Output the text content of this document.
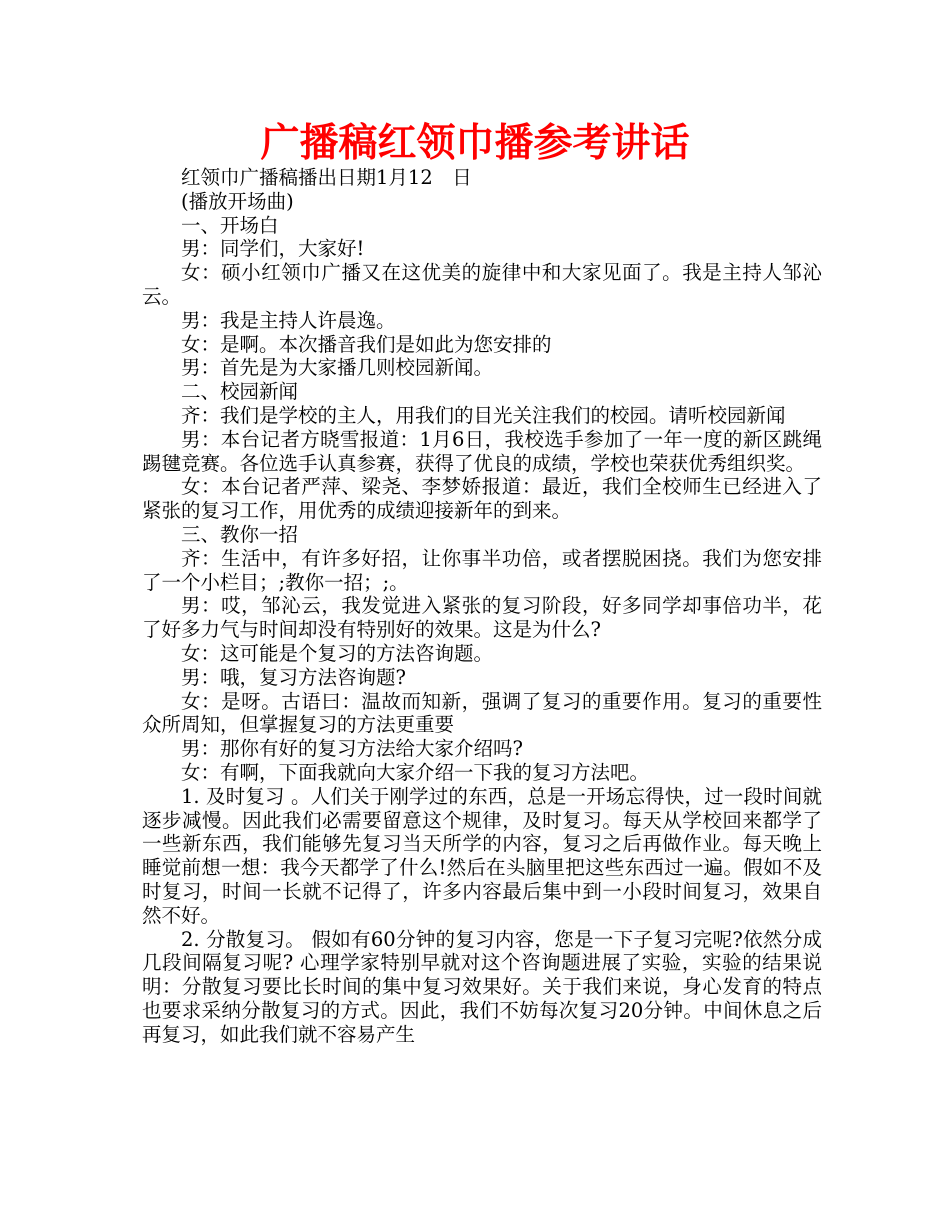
广播稿红领巾播参考讲话

红领巾广播稿播出日期1月12　日

(播放开场曲)

一、开场白

男：同学们，大家好!

女：硕小红领巾广播又在这优美的旋律中和大家见面了。我是主持人邹沁云。

男：我是主持人许晨逸。

女：是啊。本次播音我们是如此为您安排的

男：首先是为大家播几则校园新闻。

二、校园新闻

齐：我们是学校的主人，用我们的目光关注我们的校园。请听校园新闻

男：本台记者方晓雪报道：1月6日，我校选手参加了一年一度的新区跳绳踢毽竞赛。各位选手认真参赛，获得了优良的成绩，学校也荣获优秀组织奖。

女：本台记者严萍、梁尧、李梦娇报道：最近，我们全校师生已经进入了紧张的复习工作，用优秀的成绩迎接新年的到来。

三、教你一招

齐：生活中，有许多好招，让你事半功倍，或者摆脱困挠。我们为您安排了一个小栏目；;教你一招；;。

男：哎，邹沁云，我发觉进入紧张的复习阶段，好多同学却事倍功半，花了好多力气与时间却没有特别好的效果。这是为什么?

女：这可能是个复习的方法咨询题。

男：哦，复习方法咨询题?

女：是呀。古语曰：温故而知新，强调了复习的重要作用。复习的重要性众所周知，但掌握复习的方法更重要

男：那你有好的复习方法给大家介绍吗?

女：有啊，下面我就向大家介绍一下我的复习方法吧。

1. 及时复习 。人们关于刚学过的东西，总是一开场忘得快，过一段时间就逐步减慢。因此我们必需要留意这个规律，及时复习。每天从学校回来都学了一些新东西，我们能够先复习当天所学的内容，复习之后再做作业。每天晚上睡觉前想一想：我今天都学了什么!然后在头脑里把这些东西过一遍。假如不及时复习，时间一长就不记得了，许多内容最后集中到一小段时间复习，效果自然不好。

2. 分散复习。 假如有60分钟的复习内容，您是一下子复习完呢?依然分成几段间隔复习呢? 心理学家特别早就对这个咨询题进展了实验，实验的结果说明：分散复习要比长时间的集中复习效果好。关于我们来说，身心发育的特点也要求采纳分散复习的方式。因此，我们不妨每次复习20分钟。中间休息之后再复习，如此我们就不容易产生
